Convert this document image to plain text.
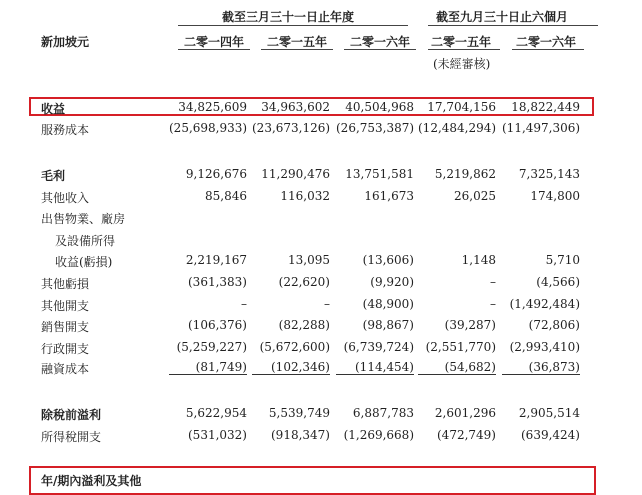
截至三月三十一日止年度	截至九月三十日止六個月
新加坡元	二零一四年 二零一五年 二零一六年 二零一五年 二零一六年
(未經審核)
收益	34,825,609	34,963,602	40,504,968	17,704,156	18,822,449
服務成本	(25,698,933) (23,673,126) (26,753,387) (12,484,294) (11,497,306)
毛利	9,126,676	11,290,476	13,751,581	5,219,862	7,325,143
其他收入	85,846	116,032	161,673	26,025	174,800
出售物業、廠房
及設備所得
收益(虧損)	2,219,167	13,095	(13,606)	1,148	5,710
其他虧損	(361,383)	(22,620)	(9,920)	–	(4,566)
其他開支	–	–	(48,900)	–	(1,492,484)
銷售開支	(106,376)	(82,288)	(98,867)	(39,287)	(72,806)
行政開支	(5,259,227)	(5,672,600)	(6,739,724) (2,551,770)	(2,993,410)
融資成本	(81,749)	(102,346)	(114,454)	(54,682)	(36,873)
除稅前溢利	5,622,954	5,539,749	6,887,783	2,601,296	2,905,514
所得稅開支	(531,032)	(918,347)	(1,269,668)	(472,749)	(639,424)
年/期內溢利及其他
